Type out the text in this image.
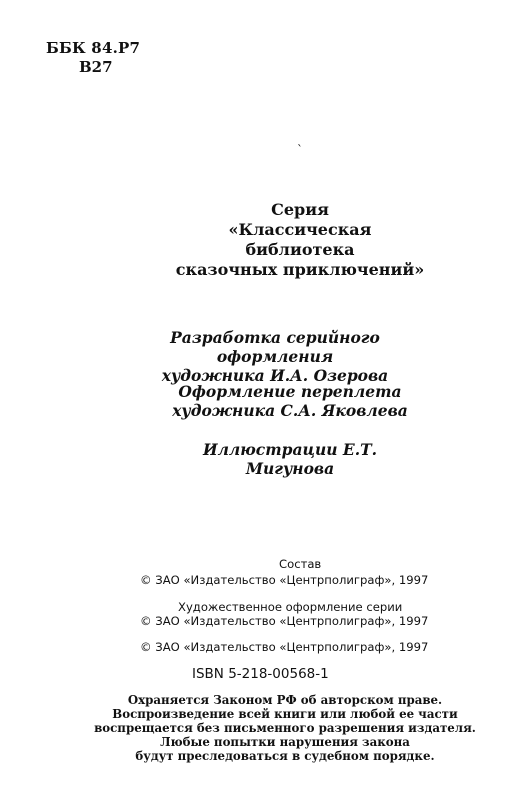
ББК 84.Р7
В27
`
Серия
«Классическая библиотека
сказочных приключений»
Разработка серийного оформления
художника И.А. Озерова
Оформление переплета
художника С.А. Яковлева
Иллюстрации Е.Т. Мигунова
Состав
© ЗАО «Издательство «Центрполиграф», 1997
Художественное оформление серии
© ЗАО «Издательство «Центрполиграф», 1997
© ЗАО «Издательство «Центрполиграф», 1997
ISBN 5-218-00568-1
Охраняется Законом РФ об авторском праве.
Воспроизведение всей книги или любой ее части
воспрещается без письменного разрешения издателя.
Любые попытки нарушения закона
будут преследоваться в судебном порядке.
